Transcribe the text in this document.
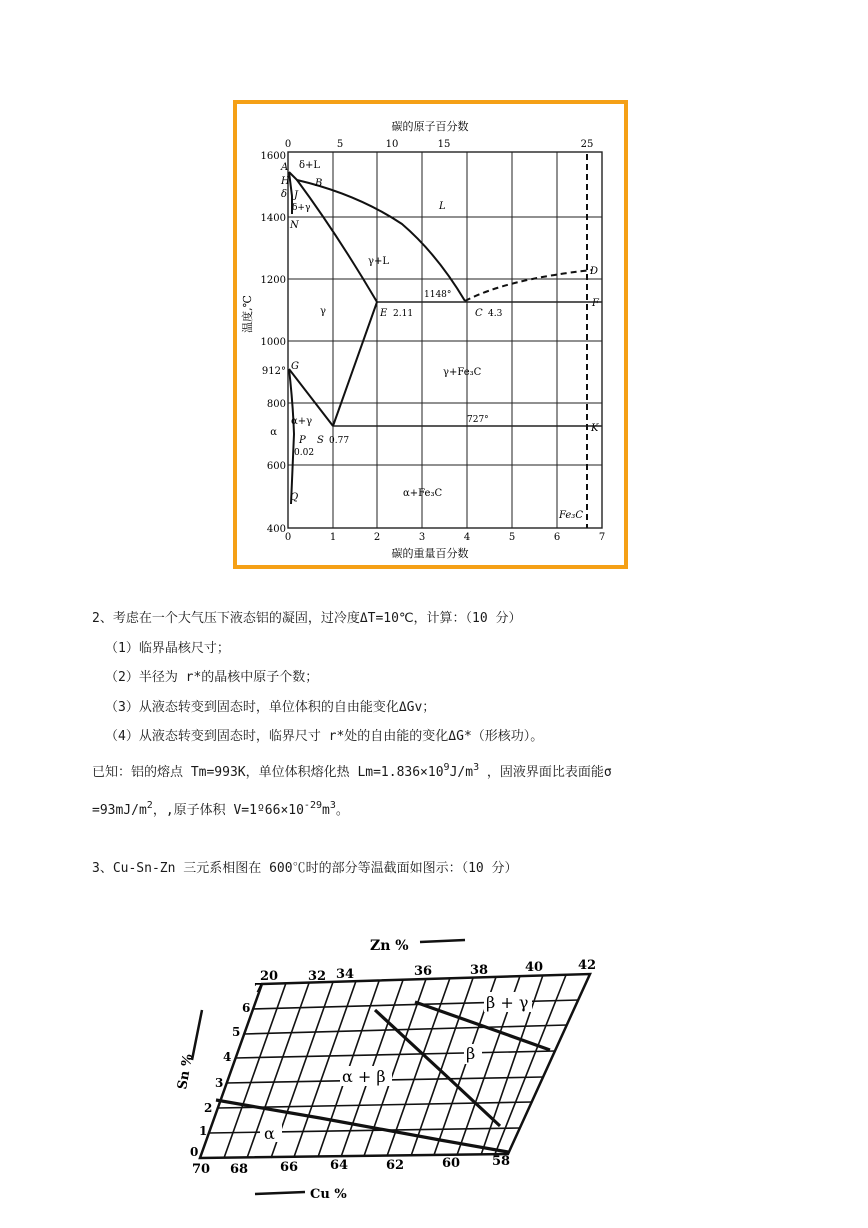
碳的原子百分数
碳的重量百分数
温度,℃
0	5	10	15	25
1600
1400
1200
1000
912°
800
600
400
α
0	1	2	3	4	5	6	7
A
H	B
J
δ
N
D
F
E	C
G
P S
K
Q
2.11	4.3
0.02
0.77
1148°
727°
δ+L
δ+γ	L
γ+L
γ
γ+Fe₃C
α+γ
α+Fe₃C
Fe₃C
2、考虑在一个大气压下液态铝的凝固，过冷度ΔT=10℃，计算：（10 分）
（1）临界晶核尺寸；
（2）半径为 r*的晶核中原子个数；
（3）从液态转变到固态时，单位体积的自由能变化ΔGv；
（4）从液态转变到固态时，临界尺寸 r*处的自由能的变化ΔG*（形核功）。
已知：铝的熔点 Tm=993K，单位体积熔化热 $Lm=1.836\times 10^9J/m^3$ ，固液界面比表面能σ
$=93mJ/m^2$，,原子体积 $V=1º66\times 10^{-29}m^3$。
3、Cu-Sn-Zn 三元系相图在 600℃时的部分等温截面如图示：（10 分）
Zn %
Cu %
Sn %
20 32 34	36	38	40	42
70 68 66 64	62	60 58
0
1
2
3
4
5
6
7
α
α + β
β
β + γ
